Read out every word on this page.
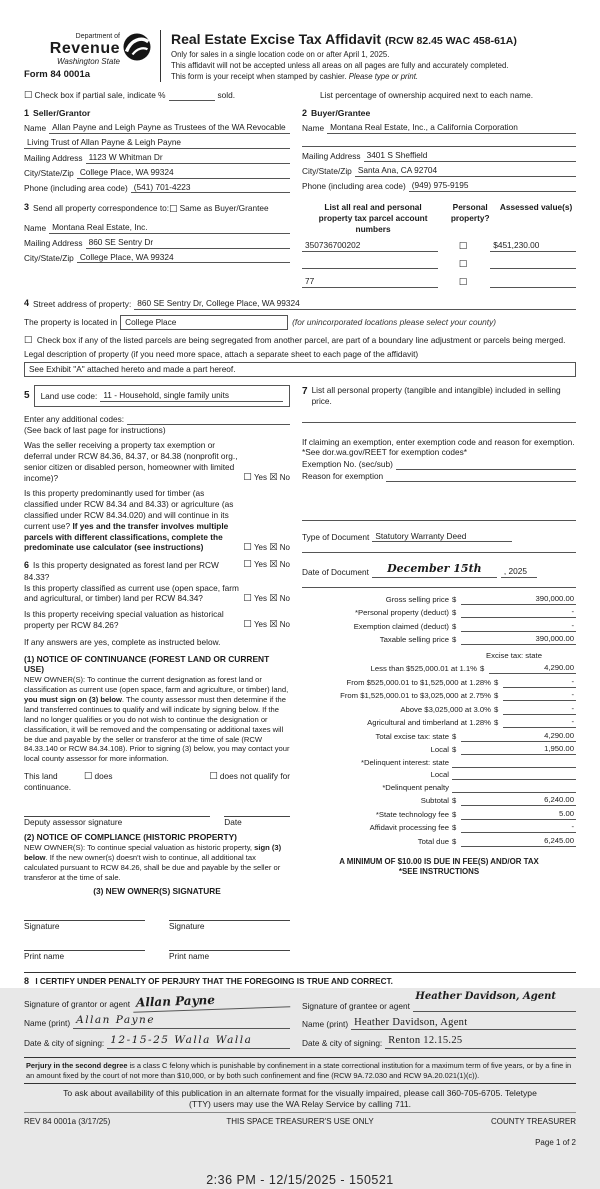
Department of
Revenue
Washington State
Form 84 0001a
Real Estate Excise Tax Affidavit (RCW 82.45 WAC 458-61A)
Only for sales in a single location code on or after April 1, 2025.
This affidavit will not be accepted unless all areas on all pages are fully and accurately completed.
This form is your receipt when stamped by cashier. Please type or print.
☐ Check box if partial sale, indicate %	sold.	List percentage of ownership acquired next to each name.
1 Seller/Grantor
Name Allan Payne and Leigh Payne as Trustees of the WA Revocable
Living Trust of Allan Payne & Leigh Payne
Mailing Address 1123 W Whitman Dr
City/State/Zip College Place, WA 99324
Phone (including area code) (541) 701-4223
2 Buyer/Grantee
Name Montana Real Estate, Inc., a California Corporation
Mailing Address 3401 S Sheffield
City/State/Zip Santa Ana, CA 92704
Phone (including area code) (949) 975-9195
3 Send all property correspondence to: ☐ Same as Buyer/Grantee
Name Montana Real Estate, Inc.
Mailing Address 860 SE Sentry Dr
City/State/Zip College Place, WA 99324
List all real and personal property tax parcel account numbers
Personal property?
Assessed value(s)
350736700202	☐	$451,230.00
☐
77	☐
4 Street address of property: 860 SE Sentry Dr, College Place, WA 99324
The property is located in College Place	(for unincorporated locations please select your county)
☐ Check box if any of the listed parcels are being segregated from another parcel, are part of a boundary line adjustment or parcels being merged.
Legal description of property (if you need more space, attach a separate sheet to each page of the affidavit)
See Exhibit "A" attached hereto and made a part hereof.
5 Land use code: 11 - Household, single family units
Enter any additional codes:
(See back of last page for instructions)
Was the seller receiving a property tax exemption or deferral under RCW 84.36, 84.37, or 84.38 (nonprofit org., senior citizen or disabled person, homeowner with limited income)?	☐ Yes ☒ No
Is this property predominantly used for timber (as classified under RCW 84.34 and 84.33) or agriculture (as classified under RCW 84.34.020) and will continue in its current use? If yes and the transfer involves multiple parcels with different classifications, complete the predominate use calculator (see instructions)	☐ Yes ☒ No
6 Is this property designated as forest land per RCW 84.33?
☐ Yes ☒ No
Is this property classified as current use (open space, farm and agricultural, or timber) land per RCW 84.34?	☐ Yes ☒ No
Is this property receiving special valuation as historical property per RCW 84.26?	☐ Yes ☒ No
If any answers are yes, complete as instructed below.
(1) NOTICE OF CONTINUANCE (FOREST LAND OR CURRENT USE)
NEW OWNER(S): To continue the current designation as forest land or classification as current use (open space, farm and agriculture, or timber) land, you must sign on (3) below. The county assessor must then determine if the land transferred continues to qualify and will indicate by signing below. If the land no longer qualifies or you do not wish to continue the designation or classification, it will be removed and the compensating or additional taxes will be due and payable by the seller or transferor at the time of sale (RCW 84.33.140 or RCW 84.34.108). Prior to signing (3) below, you may contact your local county assessor for more information.
This land	☐ does	☐ does not qualify for
continuance.
Deputy assessor signature	Date
(2) NOTICE OF COMPLIANCE (HISTORIC PROPERTY)
NEW OWNER(S): To continue special valuation as historic property, sign (3) below. If the new owner(s) doesn't wish to continue, all additional tax calculated pursuant to RCW 84.26, shall be due and payable by the seller or transferor at the time of sale.
(3) NEW OWNER(S) SIGNATURE
Signature	Signature
Print name	Print name
7 List all personal property (tangible and intangible) included in selling price.
If claiming an exemption, enter exemption code and reason for exemption. *See dor.wa.gov/REET for exemption codes*
Exemption No. (sec/sub)
Reason for exemption
Type of Document Statutory Warranty Deed
Date of Document	December 15th	, 2025
Gross selling price $	390,000.00
*Personal property (deduct) $	-
Exemption claimed (deduct) $	-
Taxable selling price $	390,000.00
Excise tax: state
Less than $525,000.01 at 1.1% $	4,290.00
From $525,000.01 to $1,525,000 at 1.28% $	-
From $1,525,000.01 to $3,025,000 at 2.75% $	-
Above $3,025,000 at 3.0% $	-
Agricultural and timberland at 1.28% $	-
Total excise tax: state $	4,290.00
Local $	1,950.00
*Delinquent interest: state
Local
*Delinquent penalty
Subtotal $	6,240.00
*State technology fee $	5.00
Affidavit processing fee $	-
Total due $	6,245.00
A MINIMUM OF $10.00 IS DUE IN FEE(S) AND/OR TAX
*SEE INSTRUCTIONS
8 I CERTIFY UNDER PENALTY OF PERJURY THAT THE FOREGOING IS TRUE AND CORRECT.
Signature of grantor or agent Allan Payne
Name (print) Allan Payne
Date & city of signing: 12-15-25 Walla Walla
Heather Davidson, Agent
Signature of grantee or agent
Name (print) Heather Davidson, Agent
Date & city of signing: Renton 12.15.25
Perjury in the second degree is a class C felony which is punishable by confinement in a state correctional institution for a maximum term of five years, or by a fine in an amount fixed by the court of not more than $10,000, or by both such confinement and fine (RCW 9A.72.030 and RCW 9A.20.021(1)(c)).
To ask about availability of this publication in an alternate format for the visually impaired, please call 360-705-6705. Teletype (TTY) users may use the WA Relay Service by calling 711.
REV 84 0001a (3/17/25)	THIS SPACE TREASURER'S USE ONLY	COUNTY TREASURER
Page 1 of 2
2:36 PM - 12/15/2025 - 150521
